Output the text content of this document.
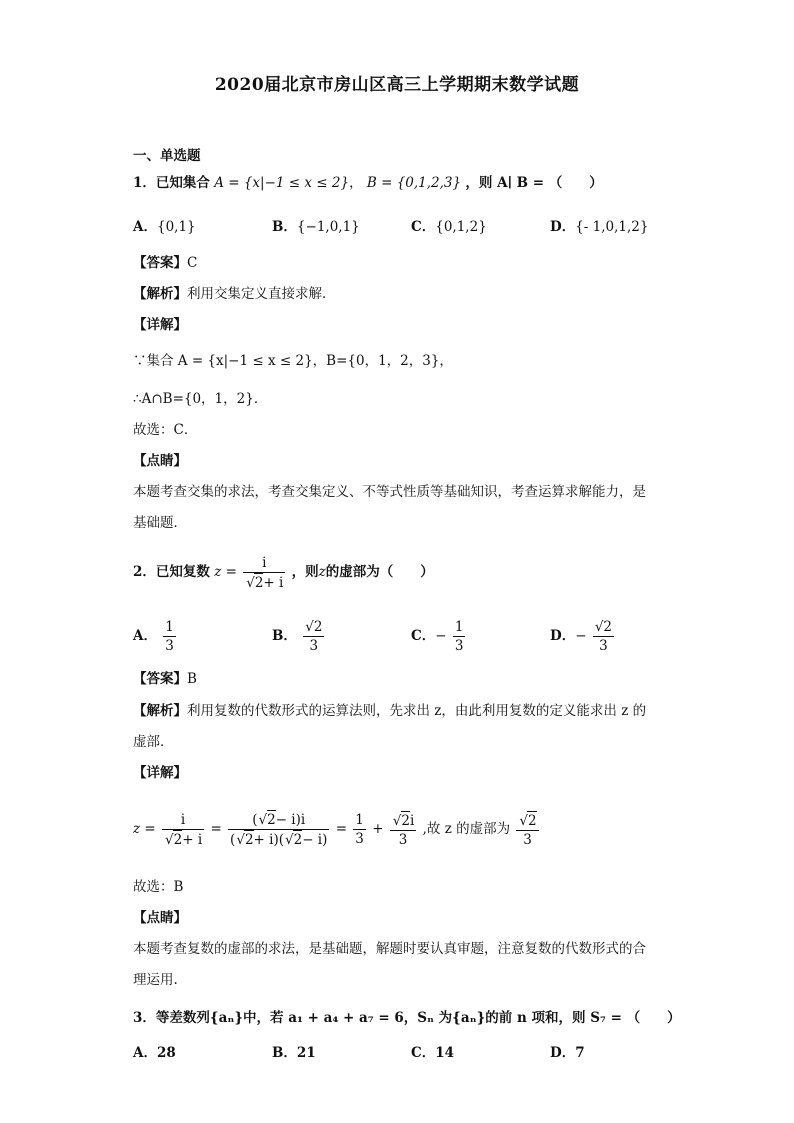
2020届北京市房山区高三上学期期末数学试题
一、单选题
1．已知集合 A = {x|−1 ≤ x ≤ 2}， B = {0,1,2,3} ，则 A∣ B = （　　）
A．{0,1}	B．{−1,0,1}	C．{0,1,2}	D．{- 1,0,1,2}
【答案】C
【解析】利用交集定义直接求解．
【详解】
∵集合 A = {x|−1 ≤ x ≤ 2}，B={0，1，2，3}，
∴A∩B={0，1，2}．
故选：C．
【点睛】
本题考查交集的求法，考查交集定义、不等式性质等基础知识，考查运算求解能力，是
基础题．
2．已知复数 z = i
√ 2+ i ，则z的虚部为（　　）
A． $\frac{1}{3}$	B． $\frac{√2}{3}$	C．− $\frac{1}{3}$	D．− $\frac{√2}{3}$
【答案】B
【解析】利用复数的代数形式的运算法则，先求出 z，由此利用复数的定义能求出 z 的
虚部．
【详解】
z = i
√ $2+ i = \frac{( √ 2- i)i}{( √ 2+ i)( √ 2- i)} = \frac{1}{3}$ + √ $\frac{2i}{3}$ ,故 z 的虚部为 √ $\frac{2}{3}$
故选：B
【点睛】
本题考查复数的虚部的求法，是基础题，解题时要认真审题，注意复数的代数形式的合
理运用.
3．等差数列{aₙ}中，若 a₁ + a₄ + a₇ = 6，Sₙ 为{aₙ}的前 n 项和，则 S₇ = （　　）
A．28	B．21	C．14	D．7
